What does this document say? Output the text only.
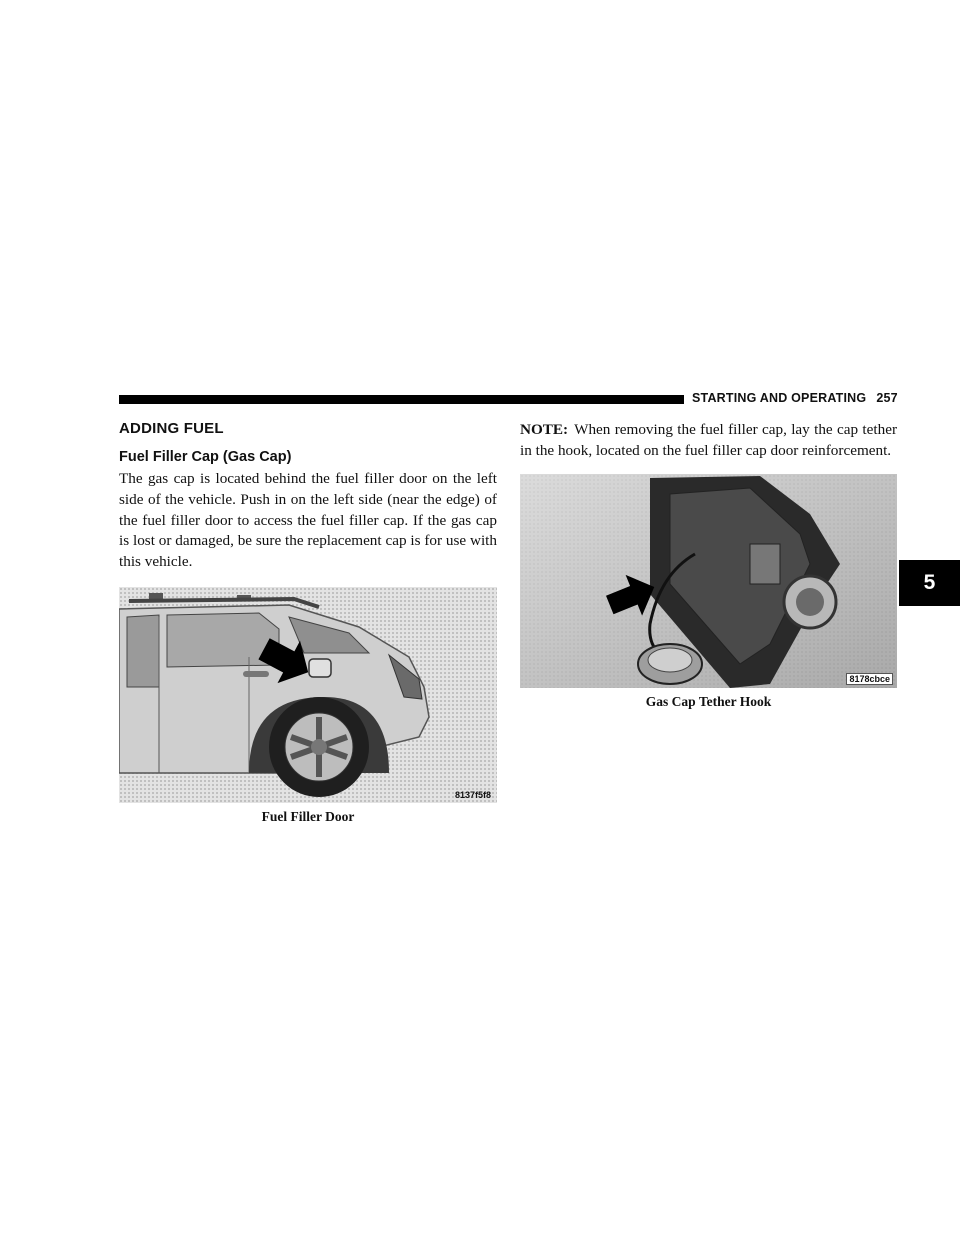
STARTING AND OPERATING 257
5
ADDING FUEL
Fuel Filler Cap (Gas Cap)

The gas cap is located behind the fuel filler door on the left side of the vehicle. Push in on the left side (near the edge) of the fuel filler door to access the fuel filler cap. If the gas cap is lost or damaged, be sure the replacement cap is for use with this vehicle.

8137f5f8
Fuel Filler Door

NOTE: When removing the fuel filler cap, lay the cap tether in the hook, located on the fuel filler cap door reinforcement.

8178cbce
Gas Cap Tether Hook
